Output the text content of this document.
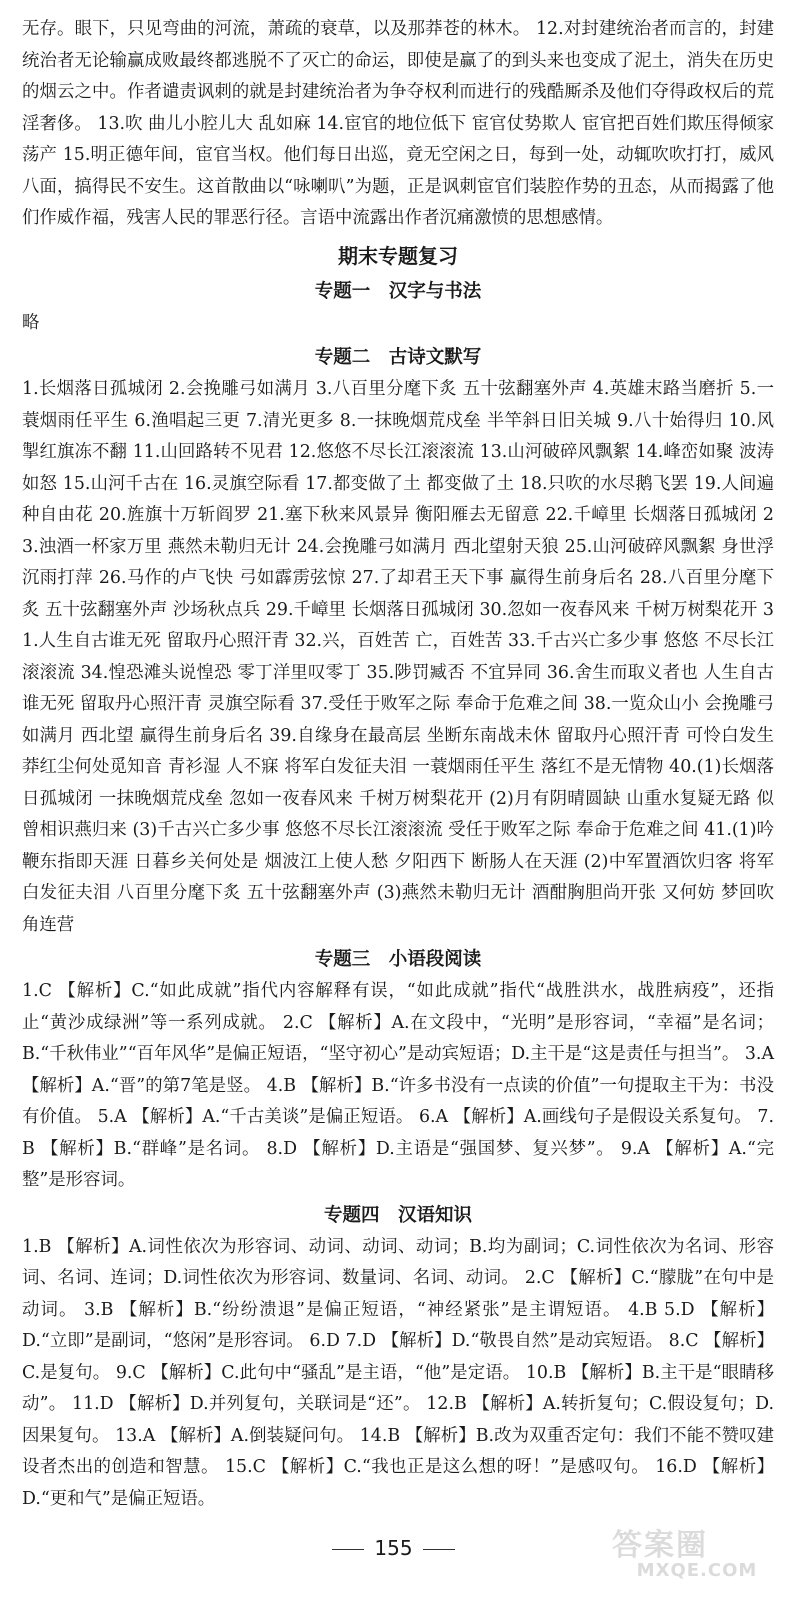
无存。眼下，只见弯曲的河流，萧疏的衰草，以及那莽苍的林木。 12.对封建统治者而言的，封建统治者无论输赢成败最终都逃脱不了灭亡的命运，即使是赢了的到头来也变成了泥土，消失在历史的烟云之中。作者谴责讽刺的就是封建统治者为争夺权利而进行的残酷厮杀及他们夺得政权后的荒淫奢侈。 13.吹 曲儿小腔儿大 乱如麻 14.宦官的地位低下 宦官仗势欺人 宦官把百姓们欺压得倾家荡产 15.明正德年间，宦官当权。他们每日出巡，竟无空闲之日，每到一处，动辄吹吹打打，威风八面，搞得民不安生。这首散曲以“咏喇叭”为题，正是讽刺宦官们装腔作势的丑态，从而揭露了他们作威作福，残害人民的罪恶行径。言语中流露出作者沉痛激愤的思想感情。

期末专题复习
专题一　汉字与书法

略

专题二　古诗文默写

1.长烟落日孤城闭 2.会挽雕弓如满月 3.八百里分麾下炙 五十弦翻塞外声 4.英雄末路当磨折 5.一蓑烟雨任平生 6.渔唱起三更 7.清光更多 8.一抹晚烟荒戍垒 半竿斜日旧关城 9.八十始得归 10.风掣红旗冻不翻 11.山回路转不见君 12.悠悠不尽长江滚滚流 13.山河破碎风飘絮 14.峰峦如聚 波涛如怒 15.山河千古在 16.灵旗空际看 17.都变做了土 都变做了土 18.只吹的水尽鹅飞罢 19.人间遍种自由花 20.旌旗十万斩阎罗 21.塞下秋来风景异 衡阳雁去无留意 22.千嶂里 长烟落日孤城闭 23.浊酒一杯家万里 燕然未勒归无计 24.会挽雕弓如满月 西北望射天狼 25.山河破碎风飘絮 身世浮沉雨打萍 26.马作的卢飞快 弓如霹雳弦惊 27.了却君王天下事 赢得生前身后名 28.八百里分麾下炙 五十弦翻塞外声 沙场秋点兵 29.千嶂里 长烟落日孤城闭 30.忽如一夜春风来 千树万树梨花开 31.人生自古谁无死 留取丹心照汗青 32.兴，百姓苦 亡，百姓苦 33.千古兴亡多少事 悠悠 不尽长江滚滚流 34.惶恐滩头说惶恐 零丁洋里叹零丁 35.陟罚臧否 不宜异同 36.舍生而取义者也 人生自古谁无死 留取丹心照汗青 灵旗空际看 37.受任于败军之际 奉命于危难之间 38.一览众山小 会挽雕弓如满月 西北望 赢得生前身后名 39.自缘身在最高层 坐断东南战未休 留取丹心照汗青 可怜白发生 莽红尘何处觅知音 青衫湿 人不寐 将军白发征夫泪 一蓑烟雨任平生 落红不是无情物 40.(1)长烟落日孤城闭 一抹晚烟荒戍垒 忽如一夜春风来 千树万树梨花开 (2)月有阴晴圆缺 山重水复疑无路 似曾相识燕归来 (3)千古兴亡多少事 悠悠不尽长江滚滚流 受任于败军之际 奉命于危难之间 41.(1)吟鞭东指即天涯 日暮乡关何处是 烟波江上使人愁 夕阳西下 断肠人在天涯 (2)中军置酒饮归客 将军白发征夫泪 八百里分麾下炙 五十弦翻塞外声 (3)燕然未勒归无计 酒酣胸胆尚开张 又何妨 梦回吹角连营

专题三　小语段阅读

1.C 【解析】C.“如此成就”指代内容解释有误，“如此成就”指代“战胜洪水，战胜病疫”，还指止“黄沙成绿洲”等一系列成就。 2.C 【解析】A.在文段中，“光明”是形容词，“幸福”是名词；B.“千秋伟业”“百年风华”是偏正短语，“坚守初心”是动宾短语；D.主干是“这是责任与担当”。 3.A 【解析】A.“晋”的第7笔是竖。 4.B 【解析】B.“许多书没有一点读的价值”一句提取主干为：书没有价值。 5.A 【解析】A.“千古美谈”是偏正短语。 6.A 【解析】A.画线句子是假设关系复句。 7.B 【解析】B.“群峰”是名词。 8.D 【解析】D.主语是“强国梦、复兴梦”。 9.A 【解析】A.“完整”是形容词。

专题四　汉语知识

1.B 【解析】A.词性依次为形容词、动词、动词、动词；B.均为副词；C.词性依次为名词、形容词、名词、连词；D.词性依次为形容词、数量词、名词、动词。 2.C 【解析】C.“朦胧”在句中是动词。 3.B 【解析】B.“纷纷溃退”是偏正短语，“神经紧张”是主谓短语。 4.B 5.D 【解析】D.“立即”是副词，“悠闲”是形容词。 6.D 7.D 【解析】D.“敬畏自然”是动宾短语。 8.C 【解析】C.是复句。 9.C 【解析】C.此句中“骚乱”是主语，“他”是定语。 10.B 【解析】B.主干是“眼睛移动”。 11.D 【解析】D.并列复句，关联词是“还”。 12.B 【解析】A.转折复句；C.假设复句；D.因果复句。 13.A 【解析】A.倒装疑问句。 14.B 【解析】B.改为双重否定句：我们不能不赞叹建设者杰出的创造和智慧。 15.C 【解析】C.“我也正是这么想的呀！”是感叹句。 16.D 【解析】D.“更和气”是偏正短语。

155	答案圈
MXQE.COM
